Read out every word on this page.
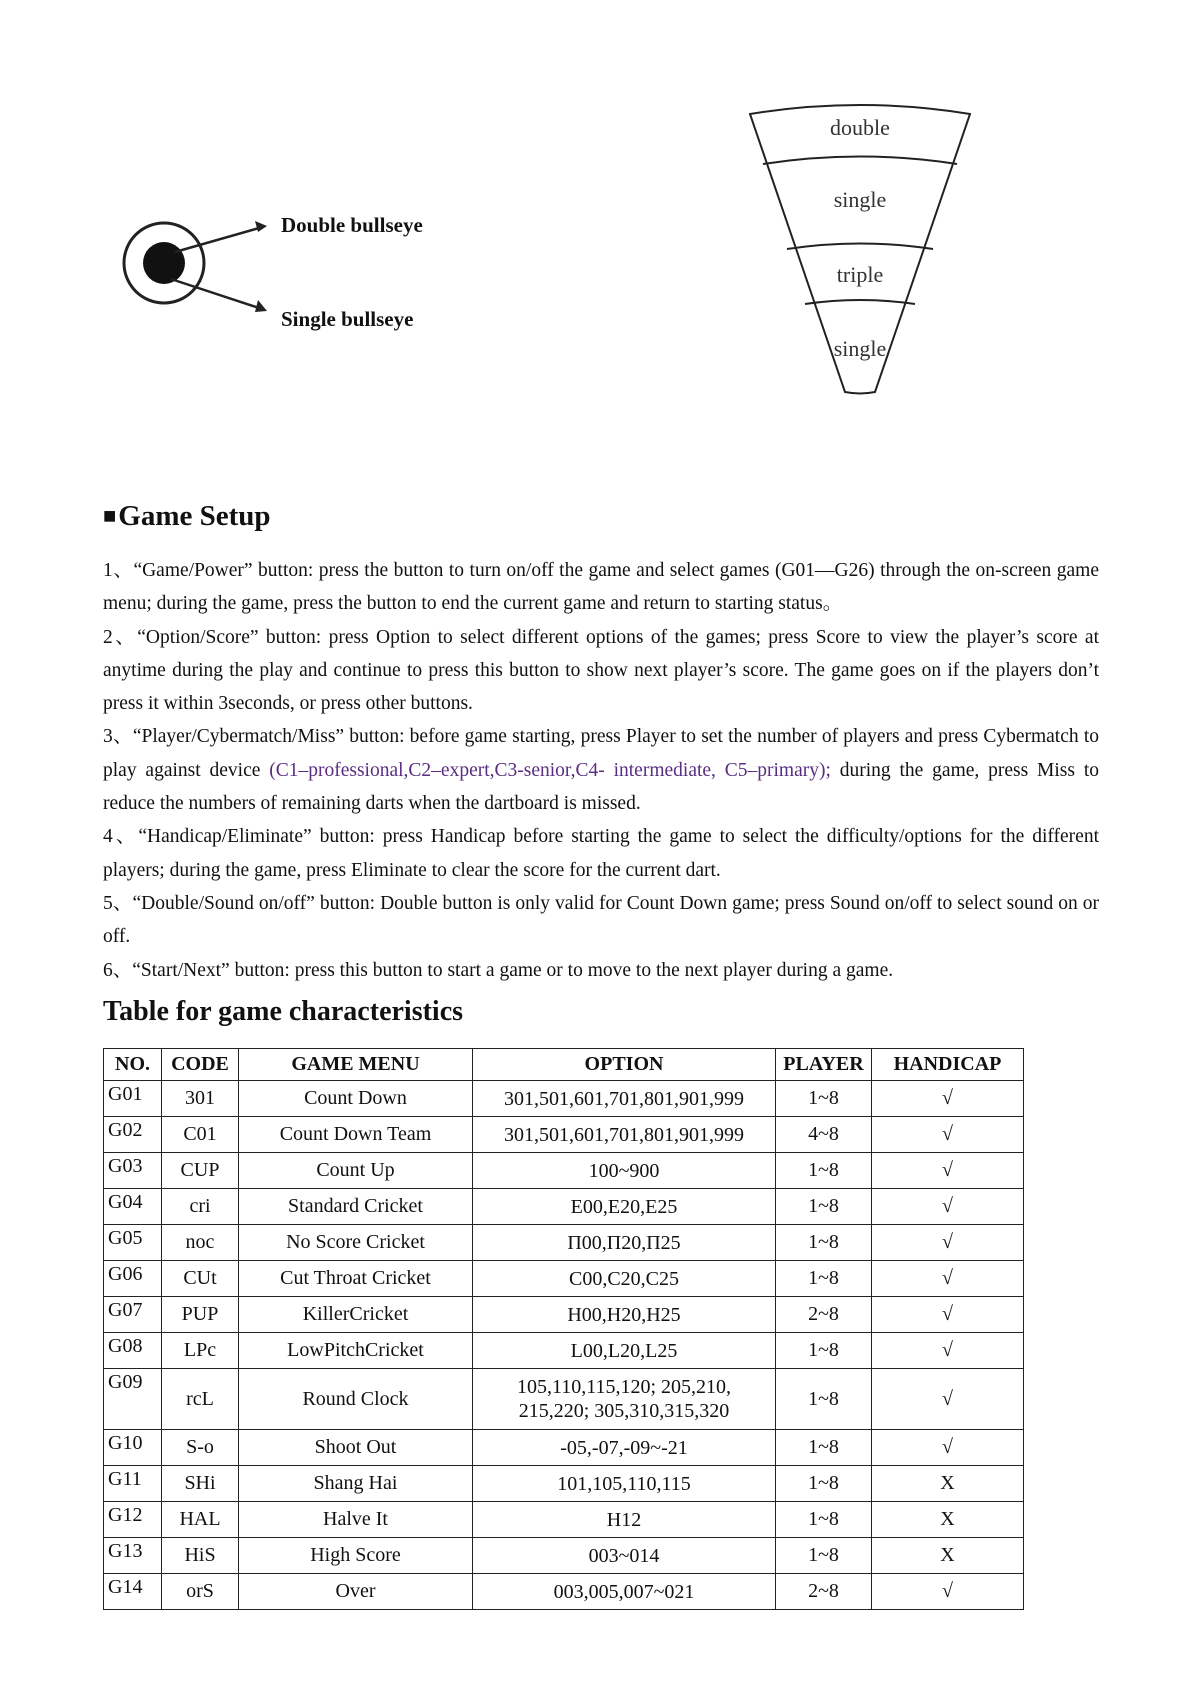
Double bullseye
Single bullseye
double
single
triple
single
■Game Setup

1、“Game/Power” button: press the button to turn on/off the game and select games (G01—G26) through the on-screen game menu; during the game, press the button to end the current game and return to starting status。

2、“Option/Score” button: press Option to select different options of the games; press Score to view the player’s score at anytime during the play and continue to press this button to show next player’s score. The game goes on if the players don’t press it within 3seconds, or press other buttons.

3、“Player/Cybermatch/Miss” button: before game starting, press Player to set the number of players and press Cybermatch to play against device (C1–professional,C2–expert,C3-senior,C4- intermediate, C5–primary); during the game, press Miss to reduce the numbers of remaining darts when the dartboard is missed.

4、“Handicap/Eliminate” button: press Handicap before starting the game to select the difficulty/options for the different players; during the game, press Eliminate to clear the score for the current dart.

5、“Double/Sound on/off” button: Double button is only valid for Count Down game; press Sound on/off to select sound on or off.

6、“Start/Next” button: press this button to start a game or to move to the next player during a game.

Table for game characteristics
NO.	CODE	GAME MENU	OPTION	PLAYER	HANDICAP
G01	301	Count Down	301,501,601,701,801,901,999	1~8	√
G02	C01	Count Down Team	301,501,601,701,801,901,999	4~8	√
G03	CUP	Count Up	100~900	1~8	√
G04	cri	Standard Cricket	E00,E20,E25	1~8	√
G05	noc	No Score Cricket	Π00,Π20,Π25	1~8	√
G06	CUt	Cut Throat Cricket	C00,C20,C25	1~8	√
G07	PUP	KillerCricket	H00,H20,H25	2~8	√
G08	LPc	LowPitchCricket	L00,L20,L25	1~8	√
G09	rcL	Round Clock	105,110,115,120; 205,210,
215,220; 305,310,315,320	1~8	√
G10	S-o	Shoot Out	-05,-07,-09~-21	1~8	√
G11	SHi	Shang Hai	101,105,110,115	1~8	X
G12	HAL	Halve It	H12	1~8	X
G13	HiS	High Score	003~014	1~8	X
G14	orS	Over	003,005,007~021	2~8	√
